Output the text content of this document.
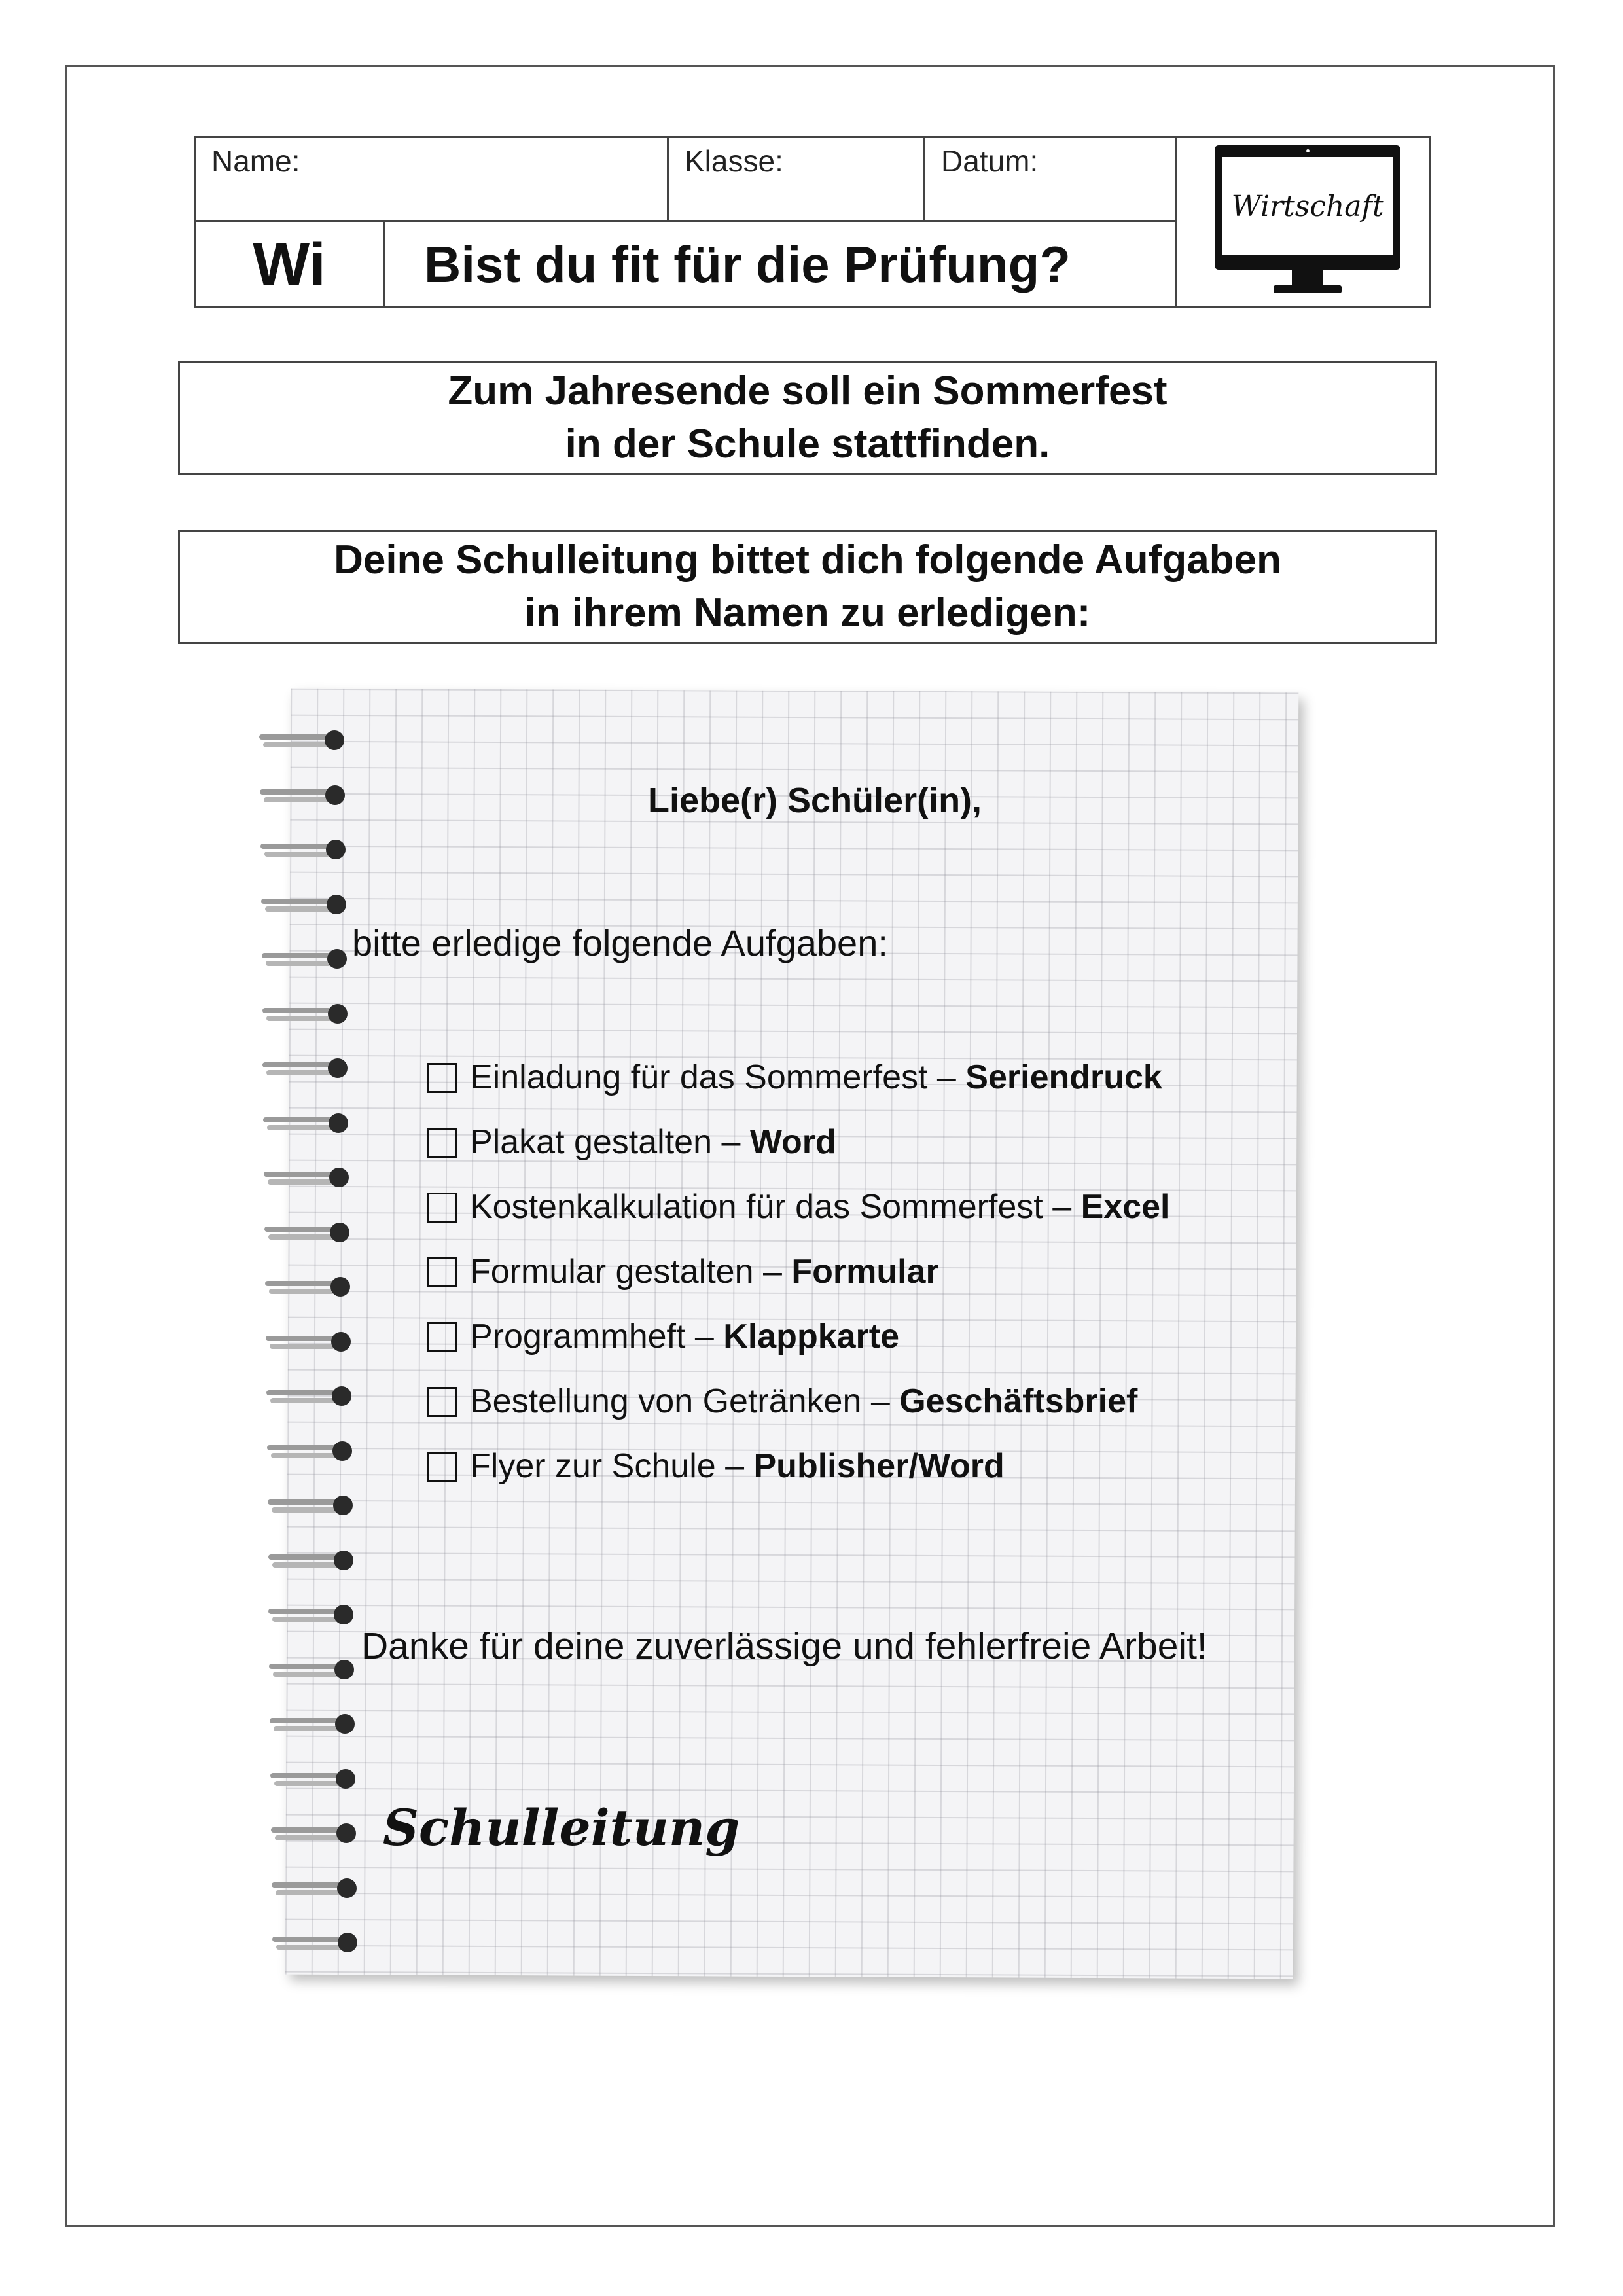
Name:	Klasse:	Datum:
Wi	Bist du fit für die Prüfung?
Wirtschaft
Zum Jahresende soll ein Sommerfest
in der Schule stattfinden.
Deine Schulleitung bittet dich folgende Aufgaben
in ihrem Namen zu erledigen:
Liebe(r) Schüler(in),
bitte erledige folgende Aufgaben:
Einladung für das Sommerfest – Seriendruck
Plakat gestalten – Word
Kostenkalkulation für das Sommerfest – Excel
Formular gestalten – Formular
Programmheft – Klappkarte
Bestellung von Getränken – Geschäftsbrief
Flyer zur Schule – Publisher/Word
Danke für deine zuverlässige und fehlerfreie Arbeit!
Schulleitung
